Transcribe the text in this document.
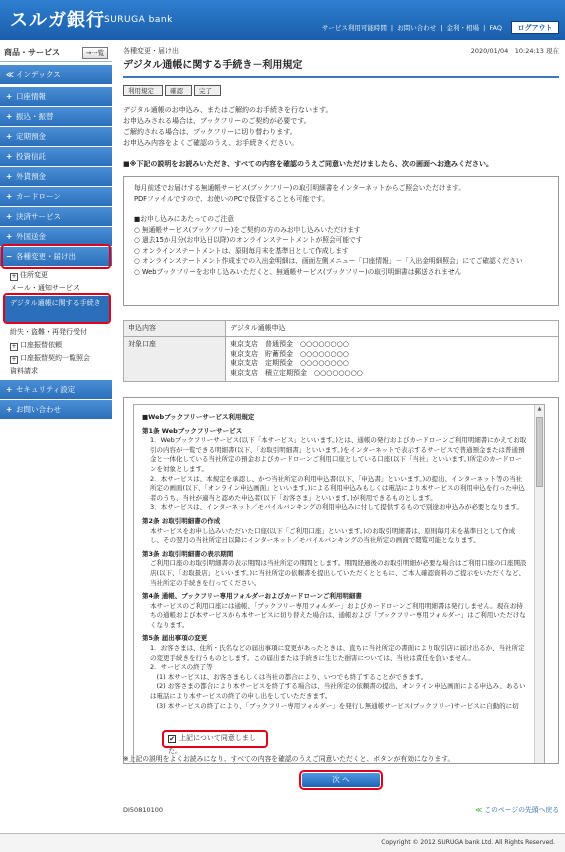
スルガ銀行 SURUGA bank
サービス利用可能時間 | お問い合わせ | 金利・相場 | FAQ	ログアウト
商品・サービス	→一覧
≪ インデックス
+ 口座情報
+ 振込・振替
+ 定期預金
+ 投資信託
+ 外貨預金
+ カードローン
+ 決済サービス
+ 外国送金
− 各種変更・届け出
+ 住所変更
メール・通知サービス
デジタル通帳に関する手続き
紛失・盗難・再発行受付
+ 口座振替依頼
+ 口座振替契約一覧照会
資料請求
+ セキュリティ設定
+ お問い合わせ
各種変更・届け出	2020/01/04　10:24:13 現在
デジタル通帳に関する手続き－利用規定
利用規定	確認	完了
デジタル通帳のお申込み、またはご解約のお手続きを行ないます。
お申込みされる場合は、ブックフリーのご契約が必要です。
ご解約される場合は、ブックフリーに切り替わります。
お申込み内容をよくご確認のうえ、お手続きください。
■※下記の説明をお読みいただき、すべての内容を確認のうえご同意いただけましたら、次の画面へお進みください。
毎月前述でお届けする無通帳サービス(ブックフリー)の取引明細書をインターネットからご照会いただけます。
PDFファイルですので、お使いのPCで保管することも可能です。
■お申し込みにあたってのご注意
○ 無通帳サービス(ブックフリー)をご契約の方のみお申し込みいただけます
○ 過去15か月分(お申込日以降)のオンラインステートメントが照会可能です
○ オンラインステートメントは、原則毎月末を基準日として作成します
○ オンラインステートメント作成までの入出金明細は、画面左側メニュー「口座情報」－「入出金明細照会」にてご確認ください
○ Webブックフリーをお申し込みいただくと、無通帳サービス(ブックフリー)の取引明細書は郵送されません
申込内容	デジタル通帳申込
対象口座	東京支店　普通預金　○○○○○○○○
東京支店　貯蓄預金　○○○○○○○○
東京支店　定期預金　○○○○○○○○
東京支店　積立定期預金　○○○○○○○○
■Webブックフリーサービス利用規定
第1条 Webブックフリーサービス
1．Webブックフリーサービス(以下「本サービス」といいます。)とは、通帳の発行およびカードローンご利用明細書にかえてお取引の内容が一覧できる明細書(以下、「お取引明細書」といいます。)をインターネットで表示するサービスで普通預金または普通預金と一体化している当社所定の預金およびカードローンご利用口座としている口座(以下「当社」といいます。)所定のカードローンを対象とします。
2．本サービスは、本規定を承認し、かつ当社所定の利用申込書(以下、「申込書」といいます。)の提出、インターネット等の当社所定の画面(以下、「オンライン申込画面」といいます。)による利用申込みもしくは電話により本サービスの利用申込を行った申込者のうち、当社が適当と認めた申込者(以下「お客さま」といいます。)が利用できるものとします。
3．本サービスは、インターネット／モバイルバンキングの利用申込みに付して提供するもので別途お申込みが必要となります。
第2条 お取引明細書の作成
本サービスをお申し込みいただいた口座(以下「ご利用口座」といいます。)のお取引明細書は、原則毎月末を基準日として作成し、その翌月の当社所定日以降にインターネット／モバイルバンキングの当社所定の画面で閲覧可能となります。
第3条 お取引明細書の表示期間
ご利用口座のお取引明細書の表示期間は当社所定の期間とします。期間経過後のお取引明細が必要な場合はご利用口座の口座開設店(以下、「お取扱店」といいます。)に当社所定の依頼書を提出していただくとともに、ご本人確認資料のご提示をいただくなど、当社所定の手続きを行ってください。
第4条 通帳、ブックフリー専用フォルダーおよびカードローンご利用明細書
本サービスのご利用口座には通帳、「ブックフリー専用フォルダー」およびカードローンご利用明細書は発行しません。現在お持ちの通帳および本サービスから本サービスに切り替えた場合は、通帳および「ブックフリー専用フォルダー」はご利用いただけなくなります。
第5条 届出事項の変更
1．お客さまは、住所・氏名などの届出事項に変更があったときは、直ちに当社所定の書面により取引店に届け出るか、当社所定の変更手続きを行うものとします。この届出または手続きに生じた損害については、当社は責任を負いません。
2．サービスの終了等
　(1) 本サービスは、お客さまもしくは当社の都合により、いつでも終了することができます。
　(2) お客さまの都合により本サービスを終了する場合は、当社所定の依頼書の提出、オンライン申込画面による申込み、あるいは電話により本サービスの終了の申し出をしていただきます。
　(3) 本サービスの終了により、「ブックフリー専用フォルダー」を発行し無通帳サービス(ブックフリー)サービスに自動的に切
▲
✔ 上記について同意しました。
※上記の説明をよくお読みになり、すべての内容を確認のうえご同意いただくと、ボタンが有効になります。
次 へ
DI50810100	≪ このページの先頭へ戻る
Copyright © 2012 SURUGA bank Ltd. All Rights Reserved.
